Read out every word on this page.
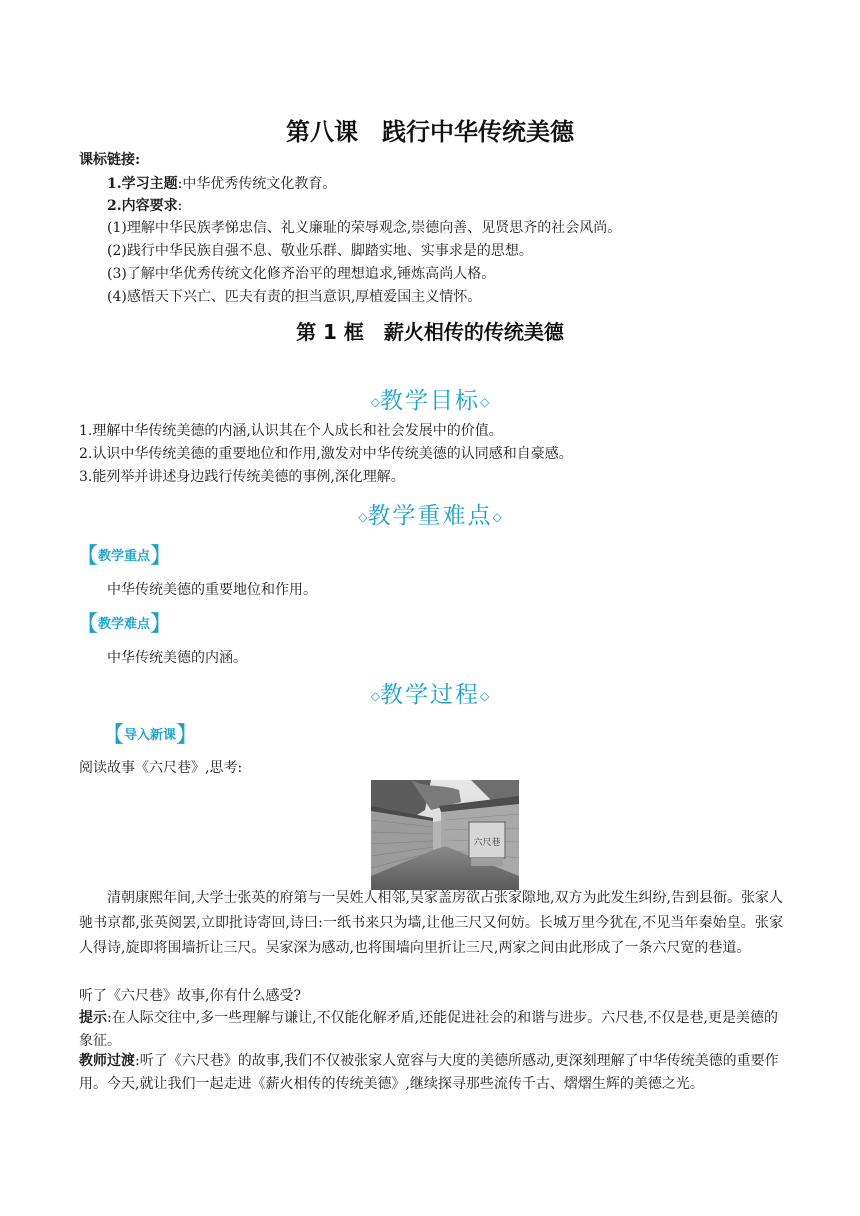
第八课　践行中华传统美德
课标链接:
1.学习主题:中华优秀传统文化教育。
2.内容要求:
(1)理解中华民族孝悌忠信、礼义廉耻的荣辱观念,崇德向善、见贤思齐的社会风尚。
(2)践行中华民族自强不息、敬业乐群、脚踏实地、实事求是的思想。
(3)了解中华优秀传统文化修齐治平的理想追求,锤炼高尚人格。
(4)感悟天下兴亡、匹夫有责的担当意识,厚植爱国主义情怀。
第 1 框　薪火相传的传统美德
◇教学目标◇
1.理解中华传统美德的内涵,认识其在个人成长和社会发展中的价值。
2.认识中华传统美德的重要地位和作用,激发对中华传统美德的认同感和自豪感。
3.能列举并讲述身边践行传统美德的事例,深化理解。
◇教学重难点◇
【教学重点】
中华传统美德的重要地位和作用。
【教学难点】
中华传统美德的内涵。
◇教学过程◇
【导入新课】
阅读故事《六尺巷》,思考:
六尺巷
清朝康熙年间,大学士张英的府第与一吴姓人相邻,吴家盖房欲占张家隙地,双方为此发生纠纷,告到县衙。张家人驰书京都,张英阅罢,立即批诗寄回,诗曰:一纸书来只为墙,让他三尺又何妨。长城万里今犹在,不见当年秦始皇。张家人得诗,旋即将围墙折让三尺。吴家深为感动,也将围墙向里折让三尺,两家之间由此形成了一条六尺宽的巷道。
听了《六尺巷》故事,你有什么感受?
提示:在人际交往中,多一些理解与谦让,不仅能化解矛盾,还能促进社会的和谐与进步。六尺巷,不仅是巷,更是美德的象征。
教师过渡:听了《六尺巷》的故事,我们不仅被张家人宽容与大度的美德所感动,更深刻理解了中华传统美德的重要作用。今天,就让我们一起走进《薪火相传的传统美德》,继续探寻那些流传千古、熠熠生辉的美德之光。
